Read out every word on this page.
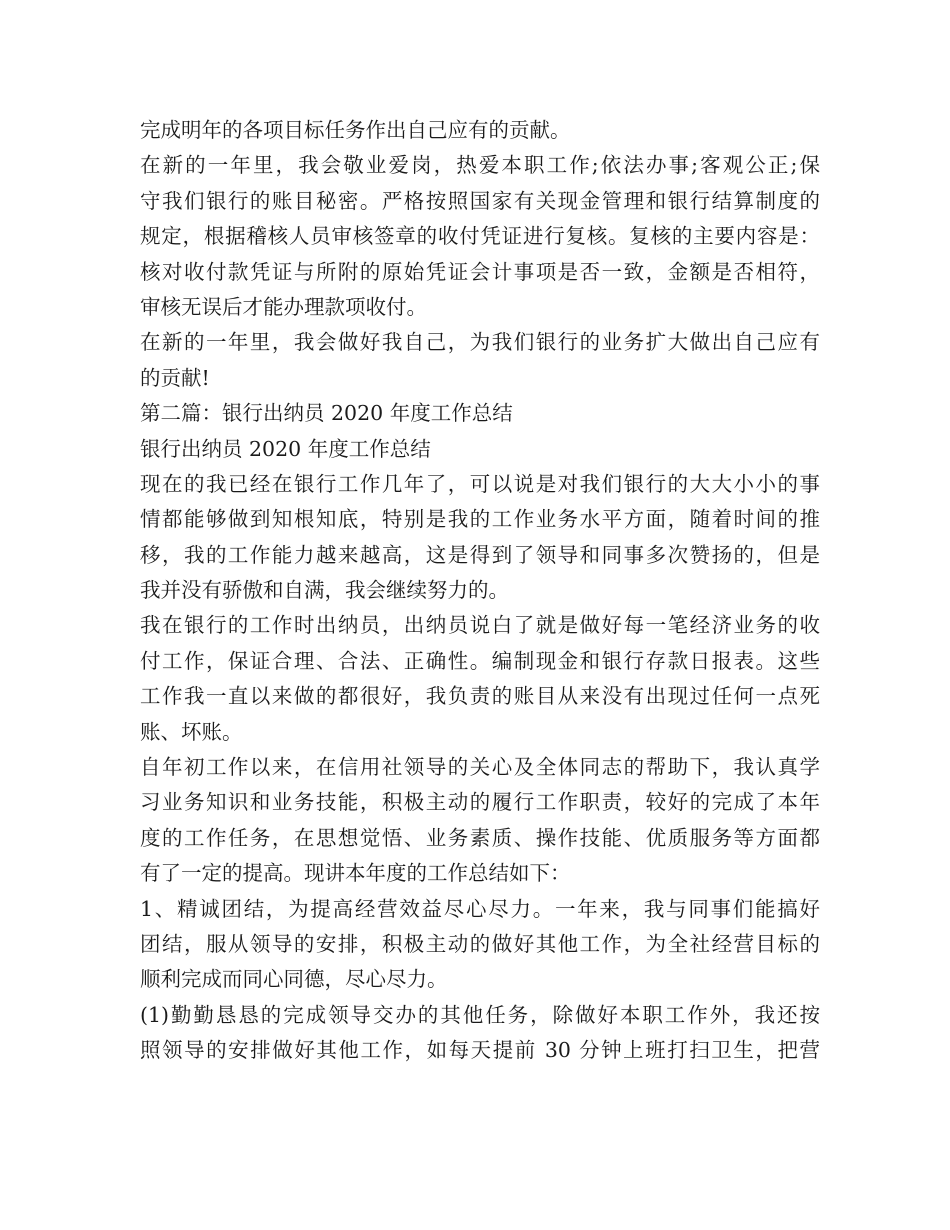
完成明年的各项目标任务作出自己应有的贡献。
在新的一年里，我会敬业爱岗，热爱本职工作;依法办事;客观公正;保
守我们银行的账目秘密。严格按照国家有关现金管理和银行结算制度的
规定，根据稽核人员审核签章的收付凭证进行复核。复核的主要内容是：
核对收付款凭证与所附的原始凭证会计事项是否一致，金额是否相符，
审核无误后才能办理款项收付。
在新的一年里，我会做好我自己，为我们银行的业务扩大做出自己应有
的贡献!
第二篇：银行出纳员 2020 年度工作总结
银行出纳员 2020 年度工作总结
现在的我已经在银行工作几年了，可以说是对我们银行的大大小小的事
情都能够做到知根知底，特别是我的工作业务水平方面，随着时间的推
移，我的工作能力越来越高，这是得到了领导和同事多次赞扬的，但是
我并没有骄傲和自满，我会继续努力的。
我在银行的工作时出纳员，出纳员说白了就是做好每一笔经济业务的收
付工作，保证合理、合法、正确性。编制现金和银行存款日报表。这些
工作我一直以来做的都很好，我负责的账目从来没有出现过任何一点死
账、坏账。
自年初工作以来，在信用社领导的关心及全体同志的帮助下，我认真学
习业务知识和业务技能，积极主动的履行工作职责，较好的完成了本年
度的工作任务，在思想觉悟、业务素质、操作技能、优质服务等方面都
有了一定的提高。现讲本年度的工作总结如下：
1、精诚团结，为提高经营效益尽心尽力。一年来，我与同事们能搞好
团结，服从领导的安排，积极主动的做好其他工作，为全社经营目标的
顺利完成而同心同德，尽心尽力。
(1)勤勤恳恳的完成领导交办的其他任务，除做好本职工作外，我还按
照领导的安排做好其他工作，如每天提前 30 分钟上班打扫卫生，把营
